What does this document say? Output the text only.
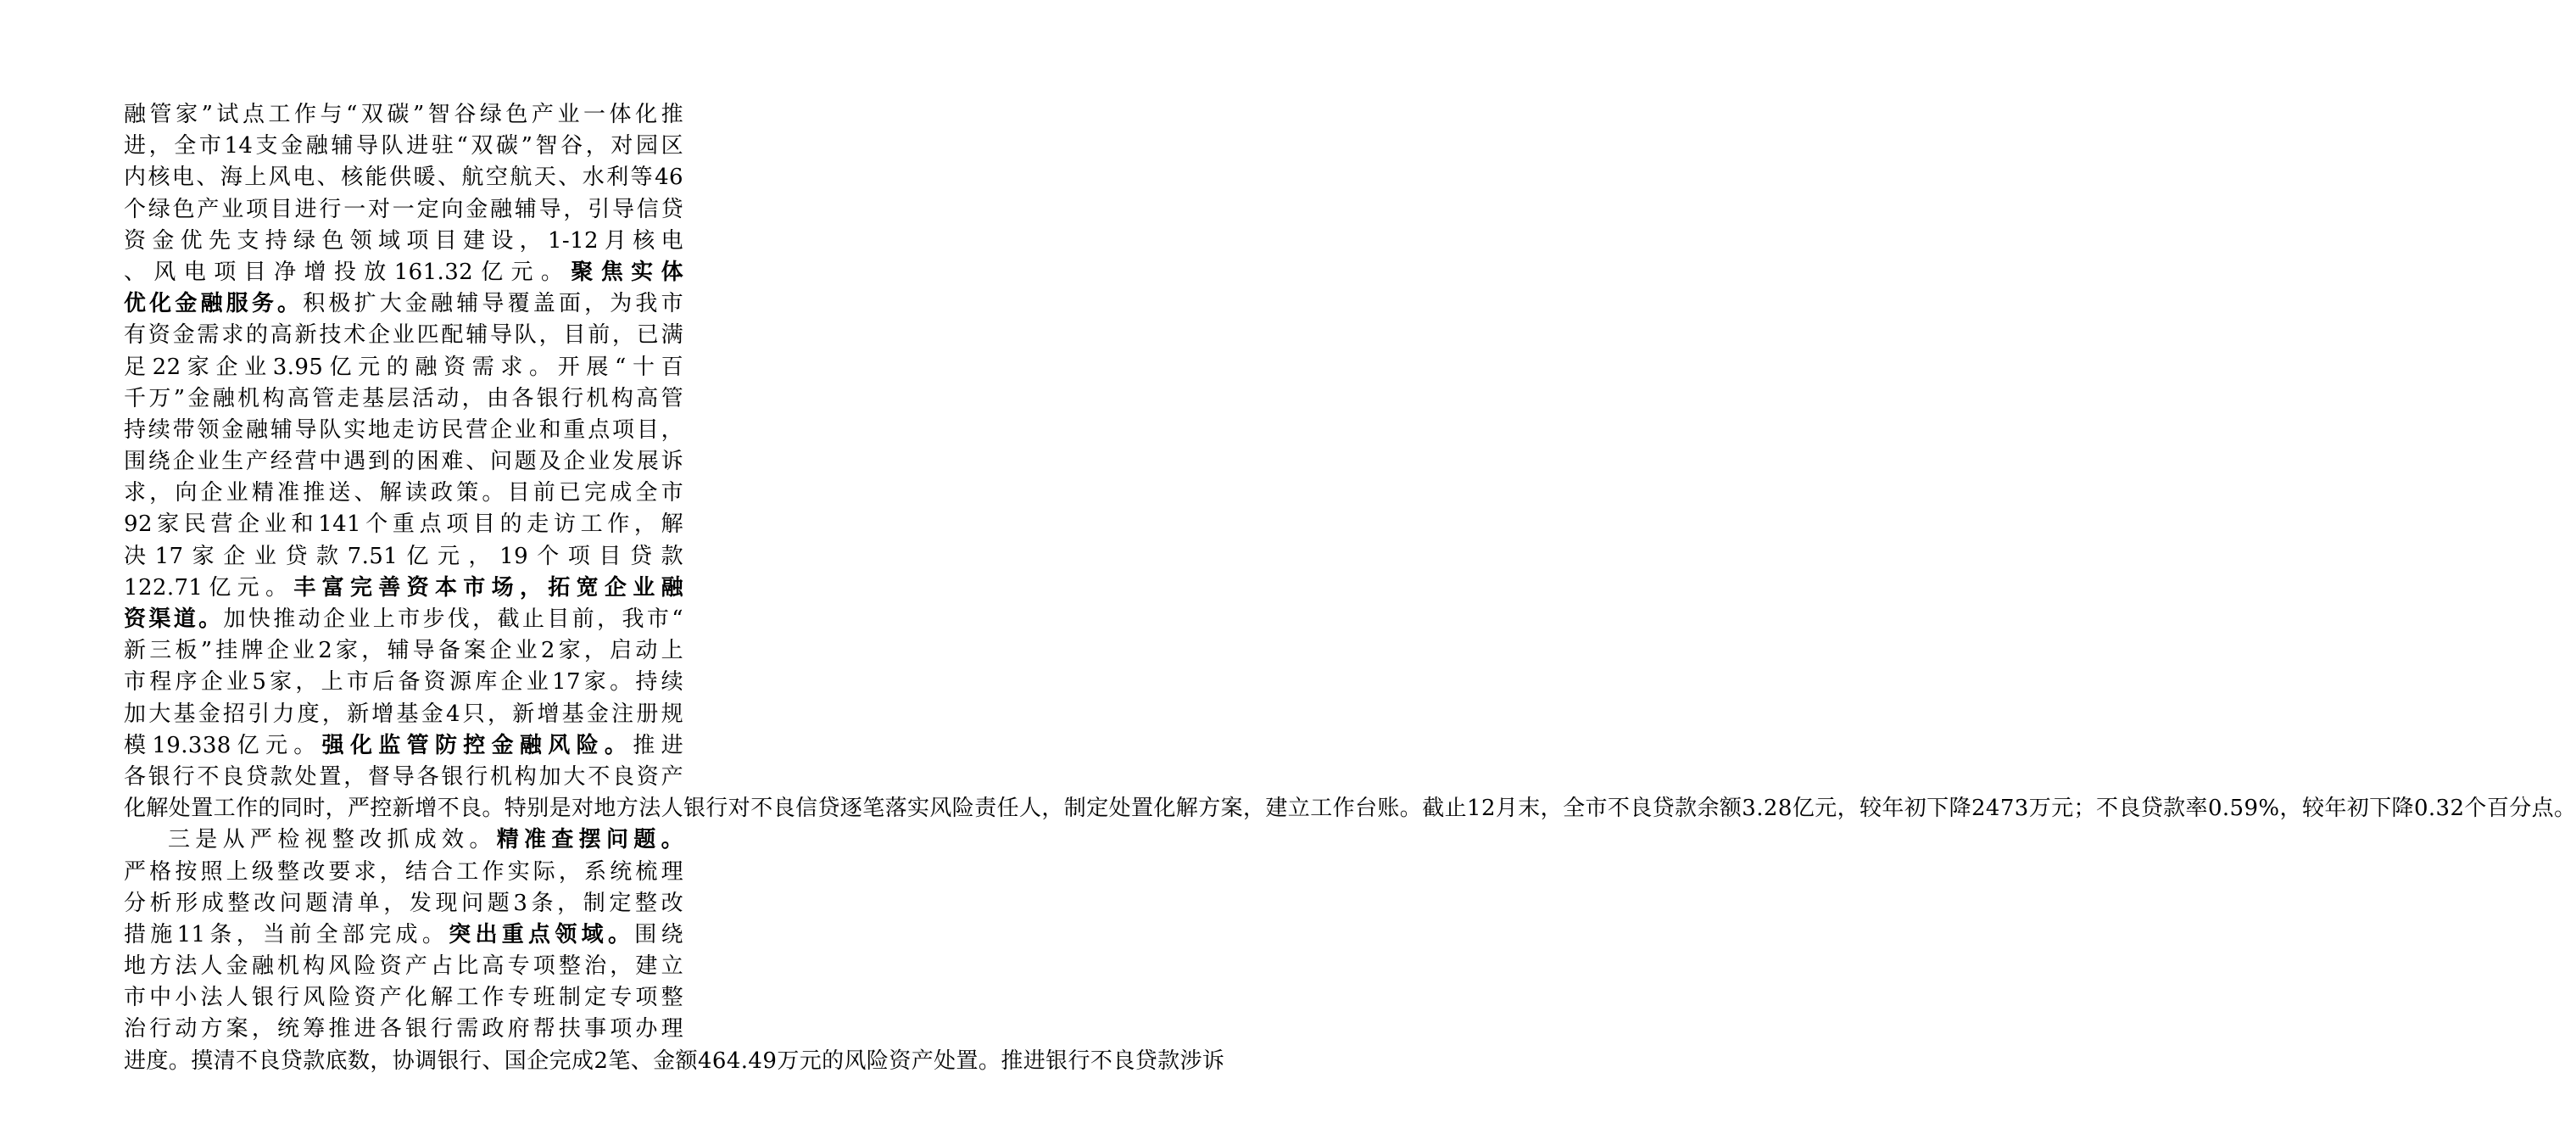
融管家”试点工作与“双碳”智谷绿色产业一体化推
进，全市14支金融辅导队进驻“双碳”智谷，对园区
内核电、海上风电、核能供暖、航空航天、水利等46
个绿色产业项目进行一对一定向金融辅导，引导信贷
资金优先支持绿色领域项目建设，1-12月核电
、风电项目净增投放161.32亿元。聚焦实体
优化金融服务。积极扩大金融辅导覆盖面，为我市
有资金需求的高新技术企业匹配辅导队，目前，已满
足22家企业3.95亿元的融资需求。开展“十百
千万”金融机构高管走基层活动，由各银行机构高管
持续带领金融辅导队实地走访民营企业和重点项目，
围绕企业生产经营中遇到的困难、问题及企业发展诉
求，向企业精准推送、解读政策。目前已完成全市
92家民营企业和141个重点项目的走访工作，解
决17家企业贷款7.51亿元，19个项目贷款
122.71亿元。丰富完善资本市场，拓宽企业融
资渠道。加快推动企业上市步伐，截止目前，我市“
新三板”挂牌企业2家，辅导备案企业2家，启动上
市程序企业5家，上市后备资源库企业17家。持续
加大基金招引力度，新增基金4只，新增基金注册规
模19.338亿元。强化监管防控金融风险。推进
各银行不良贷款处置，督导各银行机构加大不良资产
化解处置工作的同时，严控新增不良。特别是对地方法人银行对不良信贷逐笔落实风险责任人，制定处置化解方案，建立工作台账。截止12月末，全市不良贷款余额3.28亿元，较年初下降2473万元；不良贷款率0.59%，较年初下降0.32个百分点。
三是从严检视整改抓成效。精准查摆问题。
严格按照上级整改要求，结合工作实际，系统梳理
分析形成整改问题清单，发现问题3条，制定整改
措施11条，当前全部完成。突出重点领域。围绕
地方法人金融机构风险资产占比高专项整治，建立
市中小法人银行风险资产化解工作专班制定专项整
治行动方案，统筹推进各银行需政府帮扶事项办理
进度。摸清不良贷款底数，协调银行、国企完成2笔、金额464.49万元的风险资产处置。推进银行不良贷款涉诉
